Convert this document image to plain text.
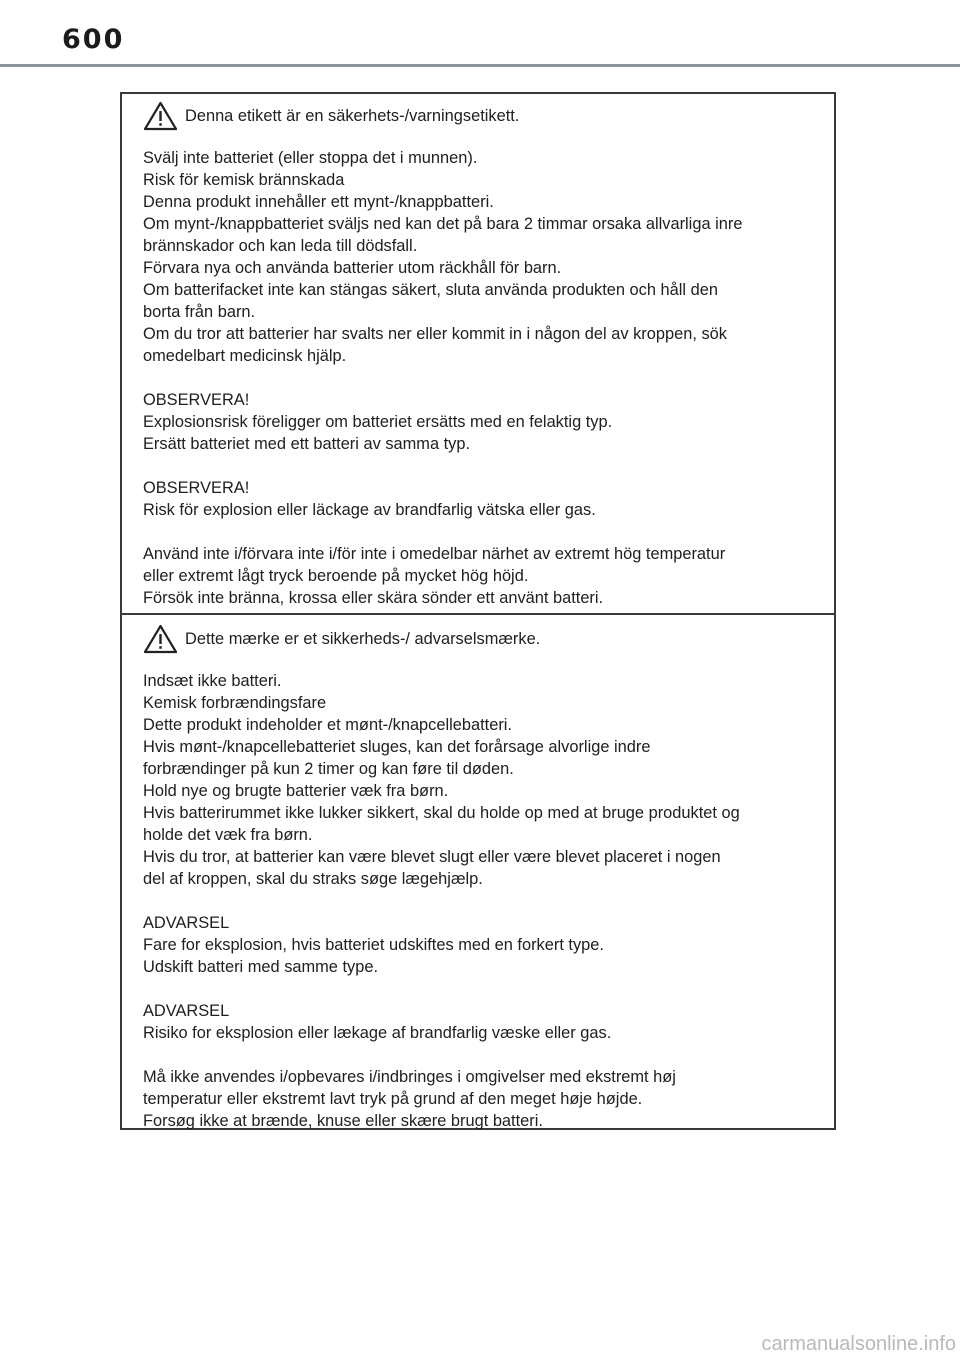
600
Denna etikett är en säkerhets-/varningsetikett.
Svälj inte batteriet (eller stoppa det i munnen).
Risk för kemisk brännskada
Denna produkt innehåller ett mynt-/knappbatteri.
Om mynt-/knappbatteriet sväljs ned kan det på bara 2 timmar orsaka allvarliga inre
brännskador och kan leda till dödsfall.
Förvara nya och använda batterier utom räckhåll för barn.
Om batterifacket inte kan stängas säkert, sluta använda produkten och håll den
borta från barn.
Om du tror att batterier har svalts ner eller kommit in i någon del av kroppen, sök
omedelbart medicinsk hjälp.
OBSERVERA!
Explosionsrisk föreligger om batteriet ersätts med en felaktig typ.
Ersätt batteriet med ett batteri av samma typ.
OBSERVERA!
Risk för explosion eller läckage av brandfarlig vätska eller gas.
Använd inte i/förvara inte i/för inte i omedelbar närhet av extremt hög temperatur
eller extremt lågt tryck beroende på mycket hög höjd.
Försök inte bränna, krossa eller skära sönder ett använt batteri.
Dette mærke er et sikkerheds-/ advarselsmærke.
Indsæt ikke batteri.
Kemisk forbrændingsfare
Dette produkt indeholder et mønt-/knapcellebatteri.
Hvis mønt-/knapcellebatteriet sluges, kan det forårsage alvorlige indre
forbrændinger på kun 2 timer og kan føre til døden.
Hold nye og brugte batterier væk fra børn.
Hvis batterirummet ikke lukker sikkert, skal du holde op med at bruge produktet og
holde det væk fra børn.
Hvis du tror, at batterier kan være blevet slugt eller være blevet placeret i nogen
del af kroppen, skal du straks søge lægehjælp.
ADVARSEL
Fare for eksplosion, hvis batteriet udskiftes med en forkert type.
Udskift batteri med samme type.
ADVARSEL
Risiko for eksplosion eller lækage af brandfarlig væske eller gas.
Må ikke anvendes i/opbevares i/indbringes i omgivelser med ekstremt høj
temperatur eller ekstremt lavt tryk på grund af den meget høje højde.
Forsøg ikke at brænde, knuse eller skære brugt batteri.
carmanualsonline.info
